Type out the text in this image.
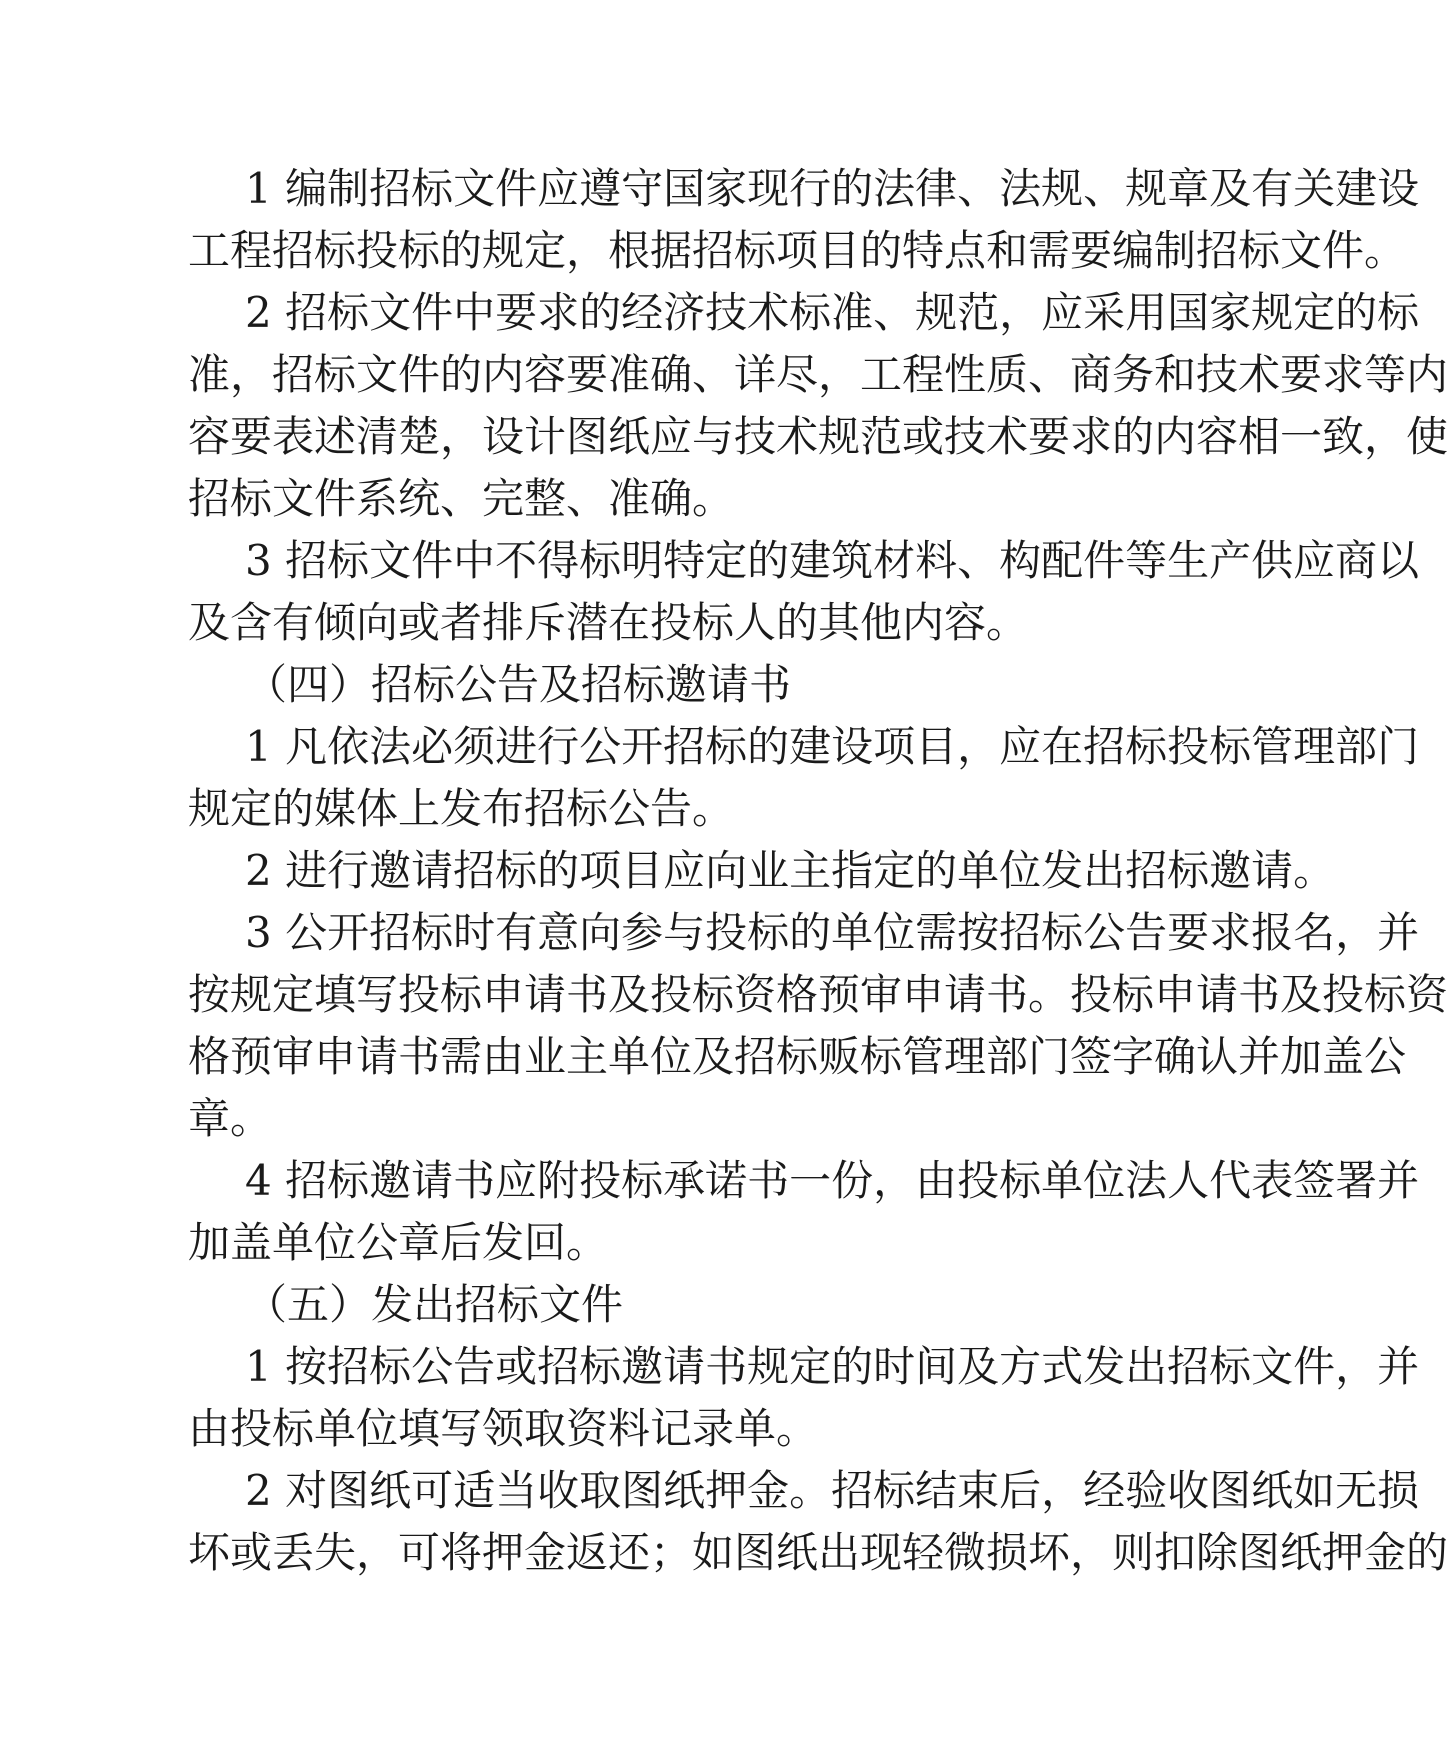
1 编制招标文件应遵守国家现行的法律、法规、规章及有关建设
工程招标投标的规定，根据招标项目的特点和需要编制招标文件。
2 招标文件中要求的经济技术标准、规范，应采用国家规定的标
准，招标文件的内容要准确、详尽，工程性质、商务和技术要求等内
容要表述清楚，设计图纸应与技术规范或技术要求的内容相一致，使
招标文件系统、完整、准确。
3 招标文件中不得标明特定的建筑材料、构配件等生产供应商以
及含有倾向或者排斥潜在投标人的其他内容。
（四）招标公告及招标邀请书
1 凡依法必须进行公开招标的建设项目，应在招标投标管理部门
规定的媒体上发布招标公告。
2 进行邀请招标的项目应向业主指定的单位发出招标邀请。
3 公开招标时有意向参与投标的单位需按招标公告要求报名，并
按规定填写投标申请书及投标资格预审申请书。投标申请书及投标资
格预审申请书需由业主单位及招标贩标管理部门签字确认并加盖公
章。
4 招标邀请书应附投标承诺书一份，由投标单位法人代表签署并
加盖单位公章后发回。
（五）发出招标文件
1 按招标公告或招标邀请书规定的时间及方式发出招标文件，并
由投标单位填写领取资料记录单。
2 对图纸可适当收取图纸押金。招标结束后，经验收图纸如无损
坏或丢失，可将押金返还；如图纸出现轻微损坏，则扣除图纸押金的
